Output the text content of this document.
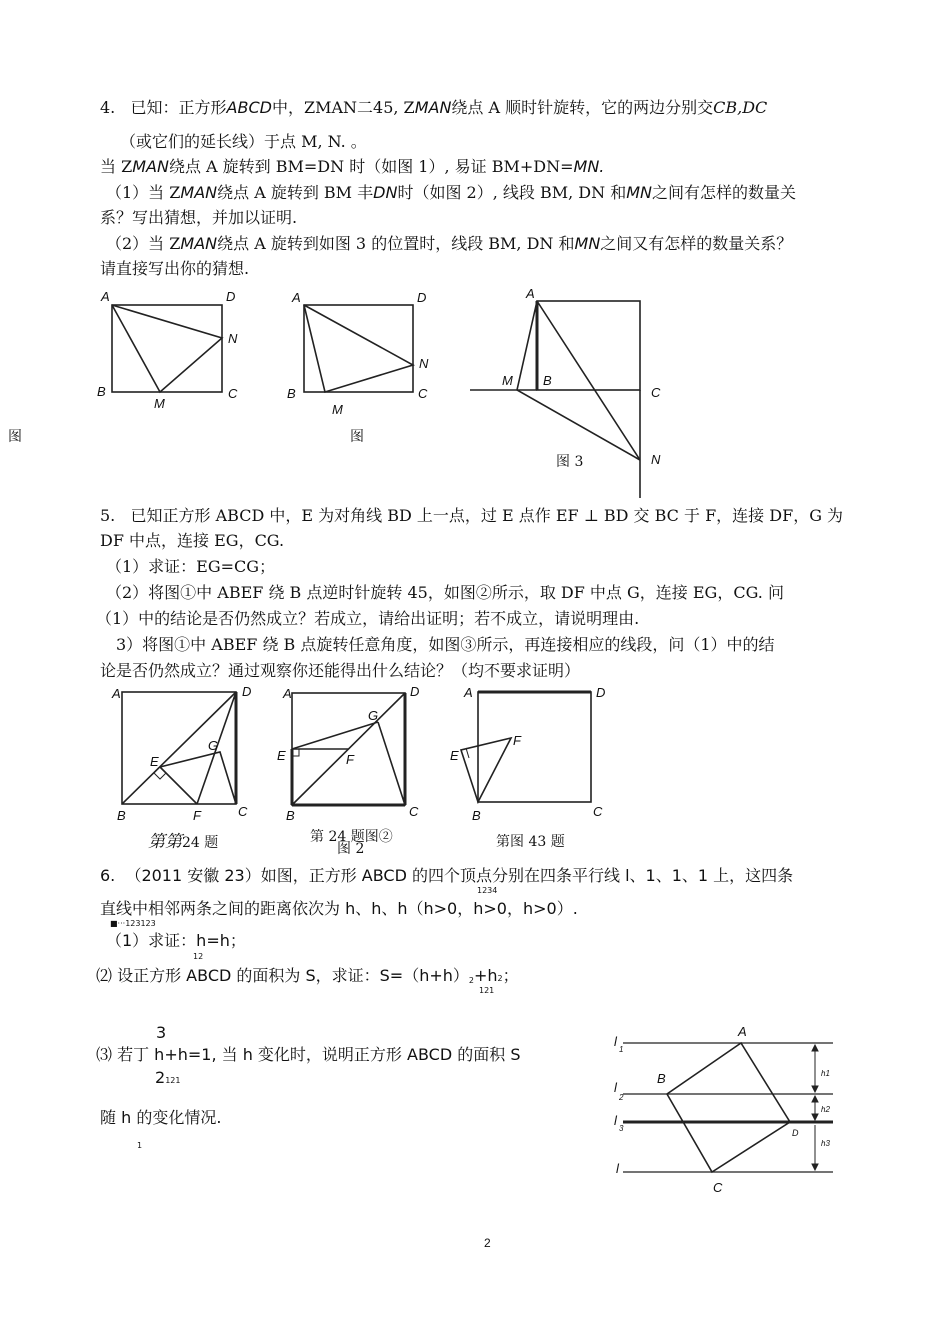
4. 已知：正方形ABCD中，ZMAN二45, ZMAN绕点 A 顺时针旋转，它的两边分别交CB,DC
（或它们的延长线）于点 M, N. 。
当 ZMAN绕点 A 旋转到 BM=DN 时（如图 1）, 易证 BM+DN=MN.
（1）当 ZMAN绕点 A 旋转到 BM 丰DN时（如图 2）, 线段 BM, DN 和MN之间有怎样的数量关
系？写出猜想，并加以证明.
（2）当 ZMAN绕点 A 旋转到如图 3 的位置时，线段 BM, DN 和MN之间又有怎样的数量关系？
请直接写出你的猜想.
A	D
N
B	C
M
A	D
N
B	C
M
A
M B
C
N
图	图
图 3
5. 已知正方形 ABCD 中，E 为对角线 BD 上一点，过 E 点作 EF ⊥ BD 交 BC 于 F，连接 DF，G 为
DF 中点，连接 EG，CG.
（1）求证：EG=CG；
（2）将图①中 ABEF 绕 B 点逆时针旋转 45，如图②所示，取 DF 中点 G，连接 EG，CG. 问
（1）中的结论是否仍然成立？若成立，请给出证明；若不成立，请说明理由.
3）将图①中 ABEF 绕 B 点旋转任意角度，如图③所示，再连接相应的线段，问（1）中的结
论是否仍然成立？通过观察你还能得出什么结论？（均不要求证明）
A	D
G
E
B	F	C
A	D
G
E	F
B	C
A	D
F
E
B	C
第第24 题	第 24 题图②
图 2	第图 43 题
6. （2011 安徽 23）如图，正方形 ABCD 的四个顶点分别在四条平行线 l、1、1、1 上，这四条
1234
直线中相邻两条之间的距离依次为 h、h、h（h>0，h>0，h>0）.
■···123123
（1）求证：h=h；
12
⑵ 设正方形 ABCD 的面积为 S，求证：S=（h+h）2+h2；
121
3
⑶ 若丁 h+h=1, 当 h 变化时，说明正方形 ABCD 的面积 S
2121
随 h 的变化情况.
1
l
1
l
2
l
3
l
A
B
D
C
h1
h2
h3
2
